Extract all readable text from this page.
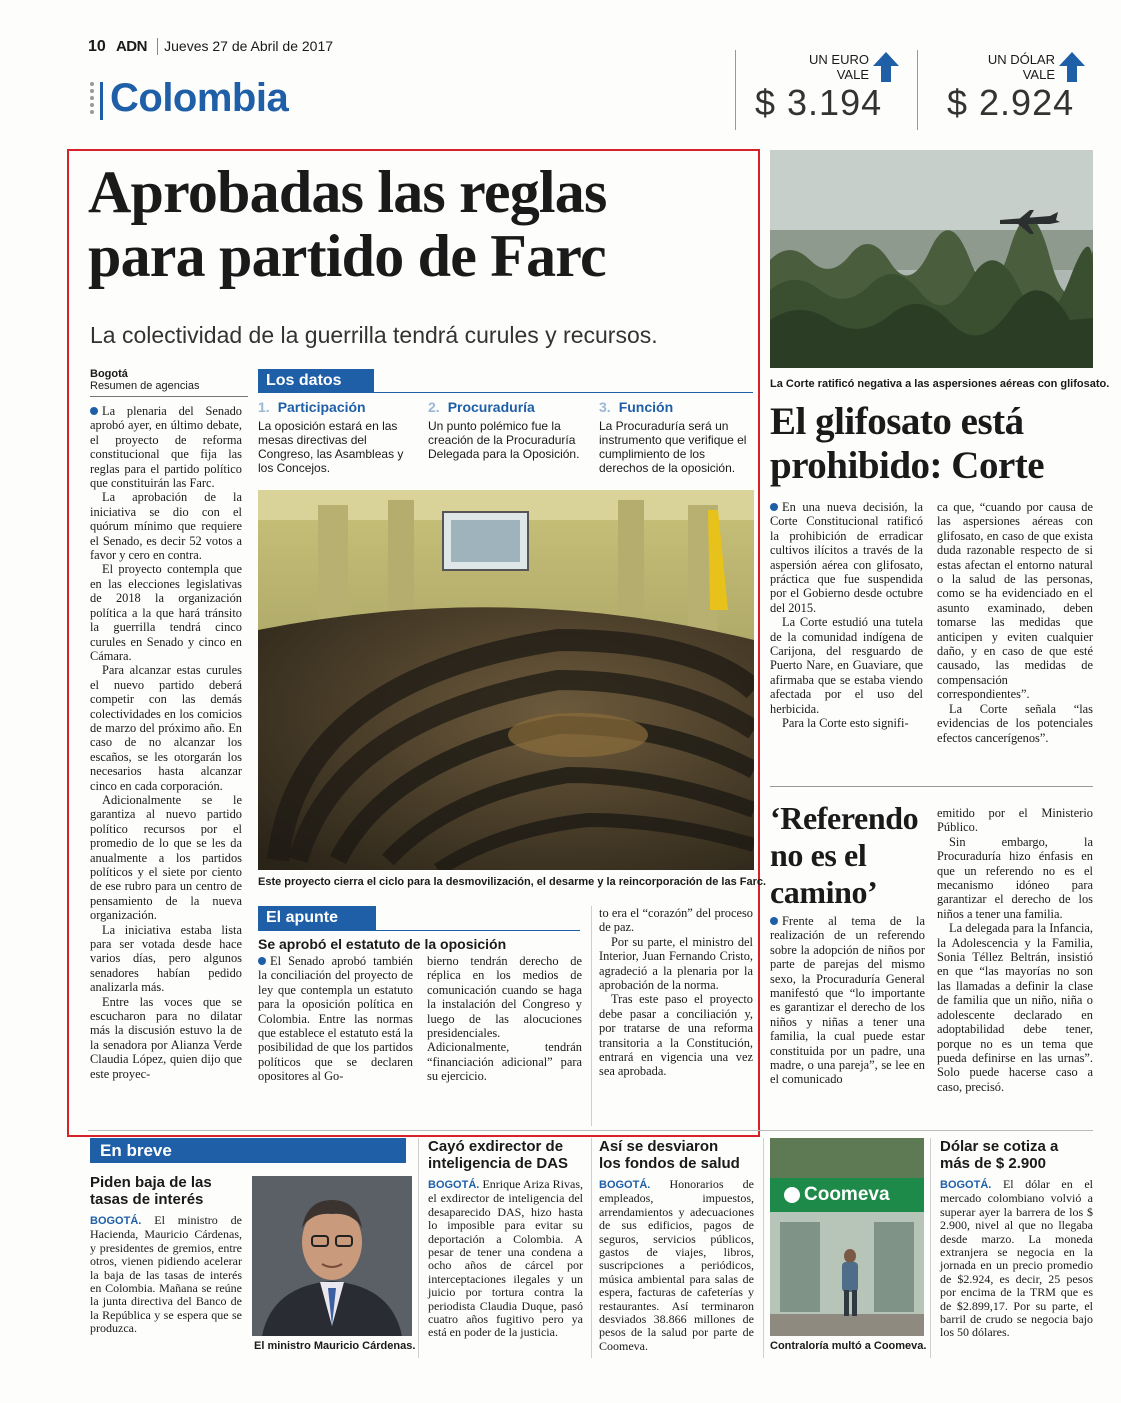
10 ADN Jueves 27 de Abril de 2017
Colombia
UN EURO
VALE
$ 3.194
UN DÓLAR
VALE
$ 2.924
Aprobadas las reglas
para partido de Farc
La colectividad de la guerrilla tendrá curules y recursos.
Bogotá
Resumen de agencias

La plenaria del Senado aprobó ayer, en último debate, el proyecto de reforma constitucional que fija las reglas para el partido político que constituirán las Farc.

La aprobación de la iniciativa se dio con el quórum mínimo que requiere el Senado, es decir 52 votos a favor y cero en contra.

El proyecto contempla que en las elecciones legislativas de 2018 la organización política a la que hará tránsito la guerrilla tendrá cinco curules en Senado y cinco en Cámara.

Para alcanzar estas curules el nuevo partido deberá competir con las demás colectividades en los comicios de marzo del próximo año. En caso de no alcanzar los escaños, se les otorgarán los necesarios hasta alcanzar cinco en cada corporación.

Adicionalmente se le garantiza al nuevo partido político recursos por el promedio de lo que se les da anualmente a los partidos políticos y el siete por ciento de ese rubro para un centro de pensamiento de la nueva organización.

La iniciativa estaba lista para ser votada desde hace varios días, pero algunos senadores habían pedido analizarla más.

Entre las voces que se escucharon para no dilatar más la discusión estuvo la de la senadora por Alianza Verde Claudia López, quien dijo que este proyec-

Los datos
1. Participación
La oposición estará en las mesas directivas del Congreso, las Asambleas y los Concejos.
2. Procuraduría
Un punto polémico fue la creación de la Procuraduría Delegada para la Oposición.
3. Función
La Procuraduría será un instrumento que verifique el cumplimiento de los derechos de la oposición.
Este proyecto cierra el ciclo para la desmovilización, el desarme y la reincorporación de las Farc.
El apunte
Se aprobó el estatuto de la oposición

El Senado aprobó también la conciliación del proyecto de ley que contempla un estatuto para la oposición política en Colombia. Entre las normas que establece el estatuto está la posibilidad de que los partidos políticos que se declaren opositores al Go-

bierno tendrán derecho de réplica en los medios de comunicación cuando se haga la instalación del Congreso y luego de las alocuciones presidenciales. Adicionalmente, tendrán “financiación adicional” para su ejercicio.

to era el “corazón” del proceso de paz.

Por su parte, el ministro del Interior, Juan Fernando Cristo, agradeció a la plenaria por la aprobación de la norma.

Tras este paso el proyecto debe pasar a conciliación y, por tratarse de una reforma transitoria a la Constitución, entrará en vigencia una vez sea aprobada.

La Corte ratificó negativa a las aspersiones aéreas con glifosato.
El glifosato está
prohibido: Corte

En una nueva decisión, la Corte Constitucional ratificó la prohibición de erradicar cultivos ilícitos a través de la aspersión aérea con glifosato, práctica que fue suspendida por el Gobierno desde octubre del 2015.

La Corte estudió una tutela de la comunidad indígena de Carijona, del resguardo de Puerto Nare, en Guaviare, que afirmaba que se estaba viendo afectada por el uso del herbicida.

Para la Corte esto signifi-

ca que, “cuando por causa de las aspersiones aéreas con glifosato, en caso de que exista duda razonable respecto de si estas afectan el entorno natural o la salud de las personas, como se ha evidenciado en el asunto examinado, deben tomarse las medidas que anticipen y eviten cualquier daño, y en caso de que esté causado, las medidas de compensación correspondientes”.

La Corte señala “las evidencias de los potenciales efectos cancerígenos”.

‘Referendo
no es el
camino’

Frente al tema de la realización de un referendo sobre la adopción de niños por parte de parejas del mismo sexo, la Procuraduría General manifestó que “lo importante es garantizar el derecho de los niños y niñas a tener una familia, la cual puede estar constituida por un padre, una madre, o una pareja”, se lee en el comunicado

emitido por el Ministerio Público.

Sin embargo, la Procuraduría hizo énfasis en que un referendo no es el mecanismo idóneo para garantizar el derecho de los niños a tener una familia.

La delegada para la Infancia, la Adolescencia y la Familia, Sonia Téllez Beltrán, insistió en que “las mayorías no son las llamadas a definir la clase de familia que un niño, niña o adolescente declarado en adoptabilidad debe tener, porque no es un tema que pueda definirse en las urnas”. Solo puede hacerse caso a caso, precisó.

En breve
Piden baja de las
tasas de interés

BOGOTÁ. El ministro de Hacienda, Mauricio Cárdenas, y presidentes de gremios, entre otros, vienen pidiendo acelerar la baja de las tasas de interés en Colombia. Mañana se reúne la junta directiva del Banco de la República y se espera que se produzca.

El ministro Mauricio Cárdenas.
Cayó exdirector de
inteligencia de DAS

BOGOTÁ. Enrique Ariza Rivas, el exdirector de inteligencia del desaparecido DAS, hizo hasta lo imposible para evitar su deportación a Colombia. A pesar de tener una condena a ocho años de cárcel por interceptaciones ilegales y un juicio por tortura contra la periodista Claudia Duque, pasó cuatro años fugitivo pero ya está en poder de la justicia.

Así se desviaron
los fondos de salud

BOGOTÁ. Honorarios de empleados, impuestos, arrendamientos y adecuaciones de sus edificios, pagos de seguros, servicios públicos, gastos de viajes, libros, suscripciones a periódicos, música ambiental para salas de espera, facturas de cafeterías y restaurantes. Así terminaron desviados 38.866 millones de pesos de la salud por parte de Coomeva.

Coomeva
Contraloría multó a Coomeva.
Dólar se cotiza a
más de $ 2.900

BOGOTÁ. El dólar en el mercado colombiano volvió a superar ayer la barrera de los $ 2.900, nivel al que no llegaba desde marzo. La moneda extranjera se negocia en la jornada en un precio promedio de $2.924, es decir, 25 pesos por encima de la TRM que es de $2.899,17. Por su parte, el barril de crudo se negocia bajo los 50 dólares.
